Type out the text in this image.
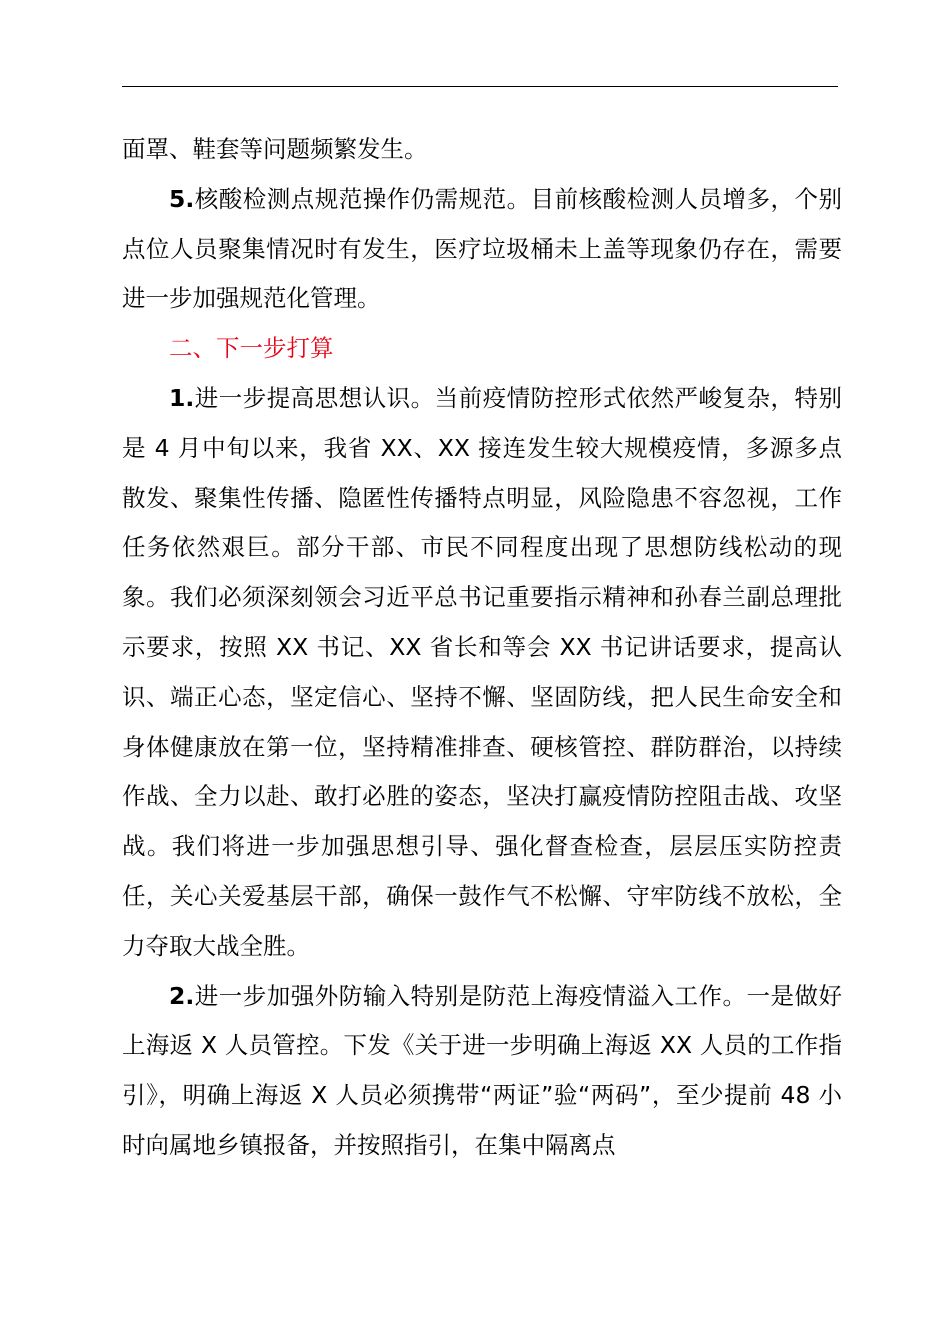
面罩、鞋套等问题频繁发生。

5.核酸检测点规范操作仍需规范。目前核酸检测人员增多，个别点位人员聚集情况时有发生，医疗垃圾桶未上盖等现象仍存在，需要进一步加强规范化管理。

二、下一步打算

1.进一步提高思想认识。当前疫情防控形式依然严峻复杂，特别是 4 月中旬以来，我省 XX、XX 接连发生较大规模疫情，多源多点散发、聚集性传播、隐匿性传播特点明显，风险隐患不容忽视，工作任务依然艰巨。部分干部、市民不同程度出现了思想防线松动的现象。我们必须深刻领会习近平总书记重要指示精神和孙春兰副总理批示要求，按照 XX 书记、XX 省长和等会 XX 书记讲话要求，提高认识、端正心态，坚定信心、坚持不懈、坚固防线，把人民生命安全和身体健康放在第一位，坚持精准排查、硬核管控、群防群治，以持续作战、全力以赴、敢打必胜的姿态，坚决打赢疫情防控阻击战、攻坚战。我们将进一步加强思想引导、强化督查检查，层层压实防控责任，关心关爱基层干部，确保一鼓作气不松懈、守牢防线不放松，全力夺取大战全胜。

2.进一步加强外防输入特别是防范上海疫情溢入工作。一是做好上海返 X 人员管控。下发《关于进一步明确上海返 XX 人员的工作指引》，明确上海返 X 人员必须携带“两证”验“两码”，至少提前 48 小时向属地乡镇报备，并按照指引，在集中隔离点
